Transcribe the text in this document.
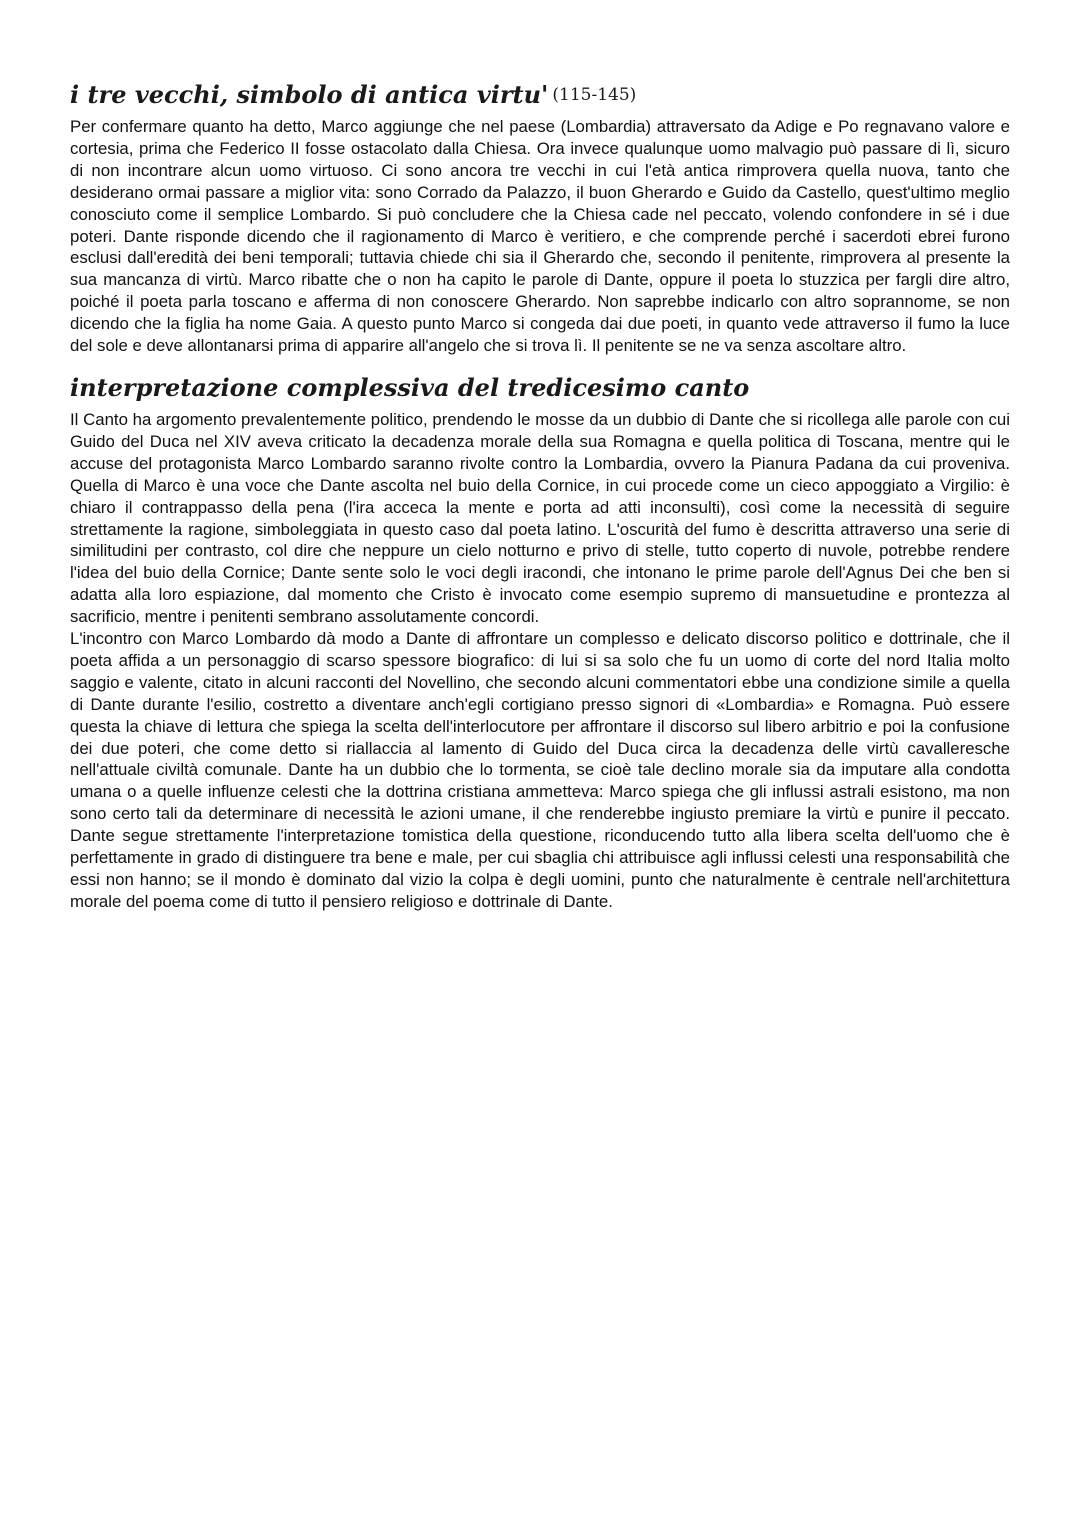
i tre vecchi, simbolo di antica virtu' (115-145)

Per confermare quanto ha detto, Marco aggiunge che nel paese (Lombardia) attraversato da Adige e Po regnavano valore e cortesia, prima che Federico II fosse ostacolato dalla Chiesa. Ora invece qualunque uomo malvagio può passare di lì, sicuro di non incontrare alcun uomo virtuoso. Ci sono ancora tre vecchi in cui l'età antica rimprovera quella nuova, tanto che desiderano ormai passare a miglior vita: sono Corrado da Palazzo, il buon Gherardo e Guido da Castello, quest'ultimo meglio conosciuto come il semplice Lombardo. Si può concludere che la Chiesa cade nel peccato, volendo confondere in sé i due poteri. Dante risponde dicendo che il ragionamento di Marco è veritiero, e che comprende perché i sacerdoti ebrei furono esclusi dall'eredità dei beni temporali; tuttavia chiede chi sia il Gherardo che, secondo il penitente, rimprovera al presente la sua mancanza di virtù. Marco ribatte che o non ha capito le parole di Dante, oppure il poeta lo stuzzica per fargli dire altro, poiché il poeta parla toscano e afferma di non conoscere Gherardo. Non saprebbe indicarlo con altro soprannome, se non dicendo che la figlia ha nome Gaia. A questo punto Marco si congeda dai due poeti, in quanto vede attraverso il fumo la luce del sole e deve allontanarsi prima di apparire all'angelo che si trova lì. Il penitente se ne va senza ascoltare altro.

interpretazione complessiva del tredicesimo canto

Il Canto ha argomento prevalentemente politico, prendendo le mosse da un dubbio di Dante che si ricollega alle parole con cui Guido del Duca nel XIV aveva criticato la decadenza morale della sua Romagna e quella politica di Toscana, mentre qui le accuse del protagonista Marco Lombardo saranno rivolte contro la Lombardia, ovvero la Pianura Padana da cui proveniva. Quella di Marco è una voce che Dante ascolta nel buio della Cornice, in cui procede come un cieco appoggiato a Virgilio: è chiaro il contrappasso della pena (l'ira acceca la mente e porta ad atti inconsulti), così come la necessità di seguire strettamente la ragione, simboleggiata in questo caso dal poeta latino. L'oscurità del fumo è descritta attraverso una serie di similitudini per contrasto, col dire che neppure un cielo notturno e privo di stelle, tutto coperto di nuvole, potrebbe rendere l'idea del buio della Cornice; Dante sente solo le voci degli iracondi, che intonano le prime parole dell'Agnus Dei che ben si adatta alla loro espiazione, dal momento che Cristo è invocato come esempio supremo di mansuetudine e prontezza al sacrificio, mentre i penitenti sembrano assolutamente concordi.

L'incontro con Marco Lombardo dà modo a Dante di affrontare un complesso e delicato discorso politico e dottrinale, che il poeta affida a un personaggio di scarso spessore biografico: di lui si sa solo che fu un uomo di corte del nord Italia molto saggio e valente, citato in alcuni racconti del Novellino, che secondo alcuni commentatori ebbe una condizione simile a quella di Dante durante l'esilio, costretto a diventare anch'egli cortigiano presso signori di «Lombardia» e Romagna. Può essere questa la chiave di lettura che spiega la scelta dell'interlocutore per affrontare il discorso sul libero arbitrio e poi la confusione dei due poteri, che come detto si riallaccia al lamento di Guido del Duca circa la decadenza delle virtù cavalleresche nell'attuale civiltà comunale. Dante ha un dubbio che lo tormenta, se cioè tale declino morale sia da imputare alla condotta umana o a quelle influenze celesti che la dottrina cristiana ammetteva: Marco spiega che gli influssi astrali esistono, ma non sono certo tali da determinare di necessità le azioni umane, il che renderebbe ingiusto premiare la virtù e punire il peccato. Dante segue strettamente l'interpretazione tomistica della questione, riconducendo tutto alla libera scelta dell'uomo che è perfettamente in grado di distinguere tra bene e male, per cui sbaglia chi attribuisce agli influssi celesti una responsabilità che essi non hanno; se il mondo è dominato dal vizio la colpa è degli uomini, punto che naturalmente è centrale nell'architettura morale del poema come di tutto il pensiero religioso e dottrinale di Dante.
